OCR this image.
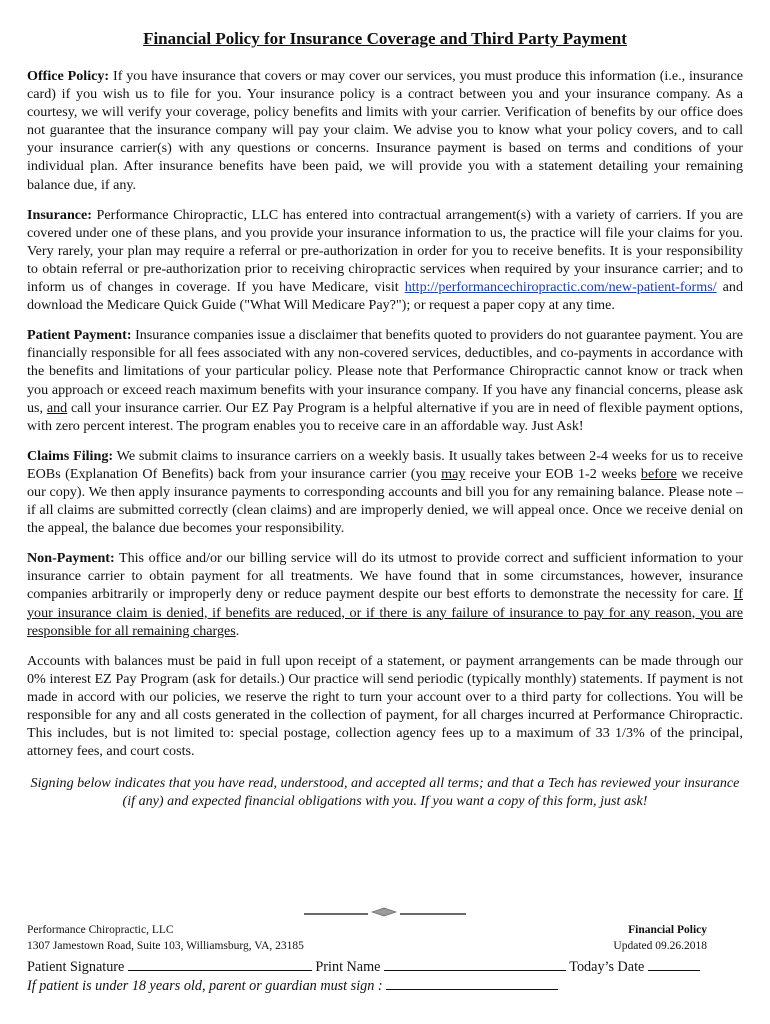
Financial Policy for Insurance Coverage and Third Party Payment

Office Policy: If you have insurance that covers or may cover our services, you must produce this information (i.e., insurance card) if you wish us to file for you. Your insurance policy is a contract between you and your insurance company. As a courtesy, we will verify your coverage, policy benefits and limits with your carrier. Verification of benefits by our office does not guarantee that the insurance company will pay your claim. We advise you to know what your policy covers, and to call your insurance carrier(s) with any questions or concerns. Insurance payment is based on terms and conditions of your individual plan. After insurance benefits have been paid, we will provide you with a statement detailing your remaining balance due, if any.

Insurance: Performance Chiropractic, LLC has entered into contractual arrangement(s) with a variety of carriers. If you are covered under one of these plans, and you provide your insurance information to us, the practice will file your claims for you. Very rarely, your plan may require a referral or pre-authorization in order for you to receive benefits. It is your responsibility to obtain referral or pre-authorization prior to receiving chiropractic services when required by your insurance carrier; and to inform us of changes in coverage. If you have Medicare, visit http://performancechiropractic.com/new-patient-forms/ and download the Medicare Quick Guide ("What Will Medicare Pay?"); or request a paper copy at any time.

Patient Payment: Insurance companies issue a disclaimer that benefits quoted to providers do not guarantee payment. You are financially responsible for all fees associated with any non-covered services, deductibles, and co-payments in accordance with the benefits and limitations of your particular policy. Please note that Performance Chiropractic cannot know or track when you approach or exceed reach maximum benefits with your insurance company. If you have any financial concerns, please ask us, and call your insurance carrier. Our EZ Pay Program is a helpful alternative if you are in need of flexible payment options, with zero percent interest. The program enables you to receive care in an affordable way. Just Ask!

Claims Filing: We submit claims to insurance carriers on a weekly basis. It usually takes between 2-4 weeks for us to receive EOBs (Explanation Of Benefits) back from your insurance carrier (you may receive your EOB 1-2 weeks before we receive our copy). We then apply insurance payments to corresponding accounts and bill you for any remaining balance. Please note – if all claims are submitted correctly (clean claims) and are improperly denied, we will appeal once. Once we receive denial on the appeal, the balance due becomes your responsibility.

Non-Payment: This office and/or our billing service will do its utmost to provide correct and sufficient information to your insurance carrier to obtain payment for all treatments. We have found that in some circumstances, however, insurance companies arbitrarily or improperly deny or reduce payment despite our best efforts to demonstrate the necessity for care. If your insurance claim is denied, if benefits are reduced, or if there is any failure of insurance to pay for any reason, you are responsible for all remaining charges.

Accounts with balances must be paid in full upon receipt of a statement, or payment arrangements can be made through our 0% interest EZ Pay Program (ask for details.) Our practice will send periodic (typically monthly) statements. If payment is not made in accord with our policies, we reserve the right to turn your account over to a third party for collections. You will be responsible for any and all costs generated in the collection of payment, for all charges incurred at Performance Chiropractic. This includes, but is not limited to: special postage, collection agency fees up to a maximum of 33 1/3% of the principal, attorney fees, and court costs.

Signing below indicates that you have read, understood, and accepted all terms; and that a Tech has reviewed your insurance (if any) and expected financial obligations with you. If you want a copy of this form, just ask!

Performance Chiropractic, LLC
1307 Jamestown Road, Suite 103, Williamsburg, VA, 23185
Financial Policy
Updated 09.26.2018
Patient Signature	Print Name	Today’s Date
If patient is under 18 years old, parent or guardian must sign :
